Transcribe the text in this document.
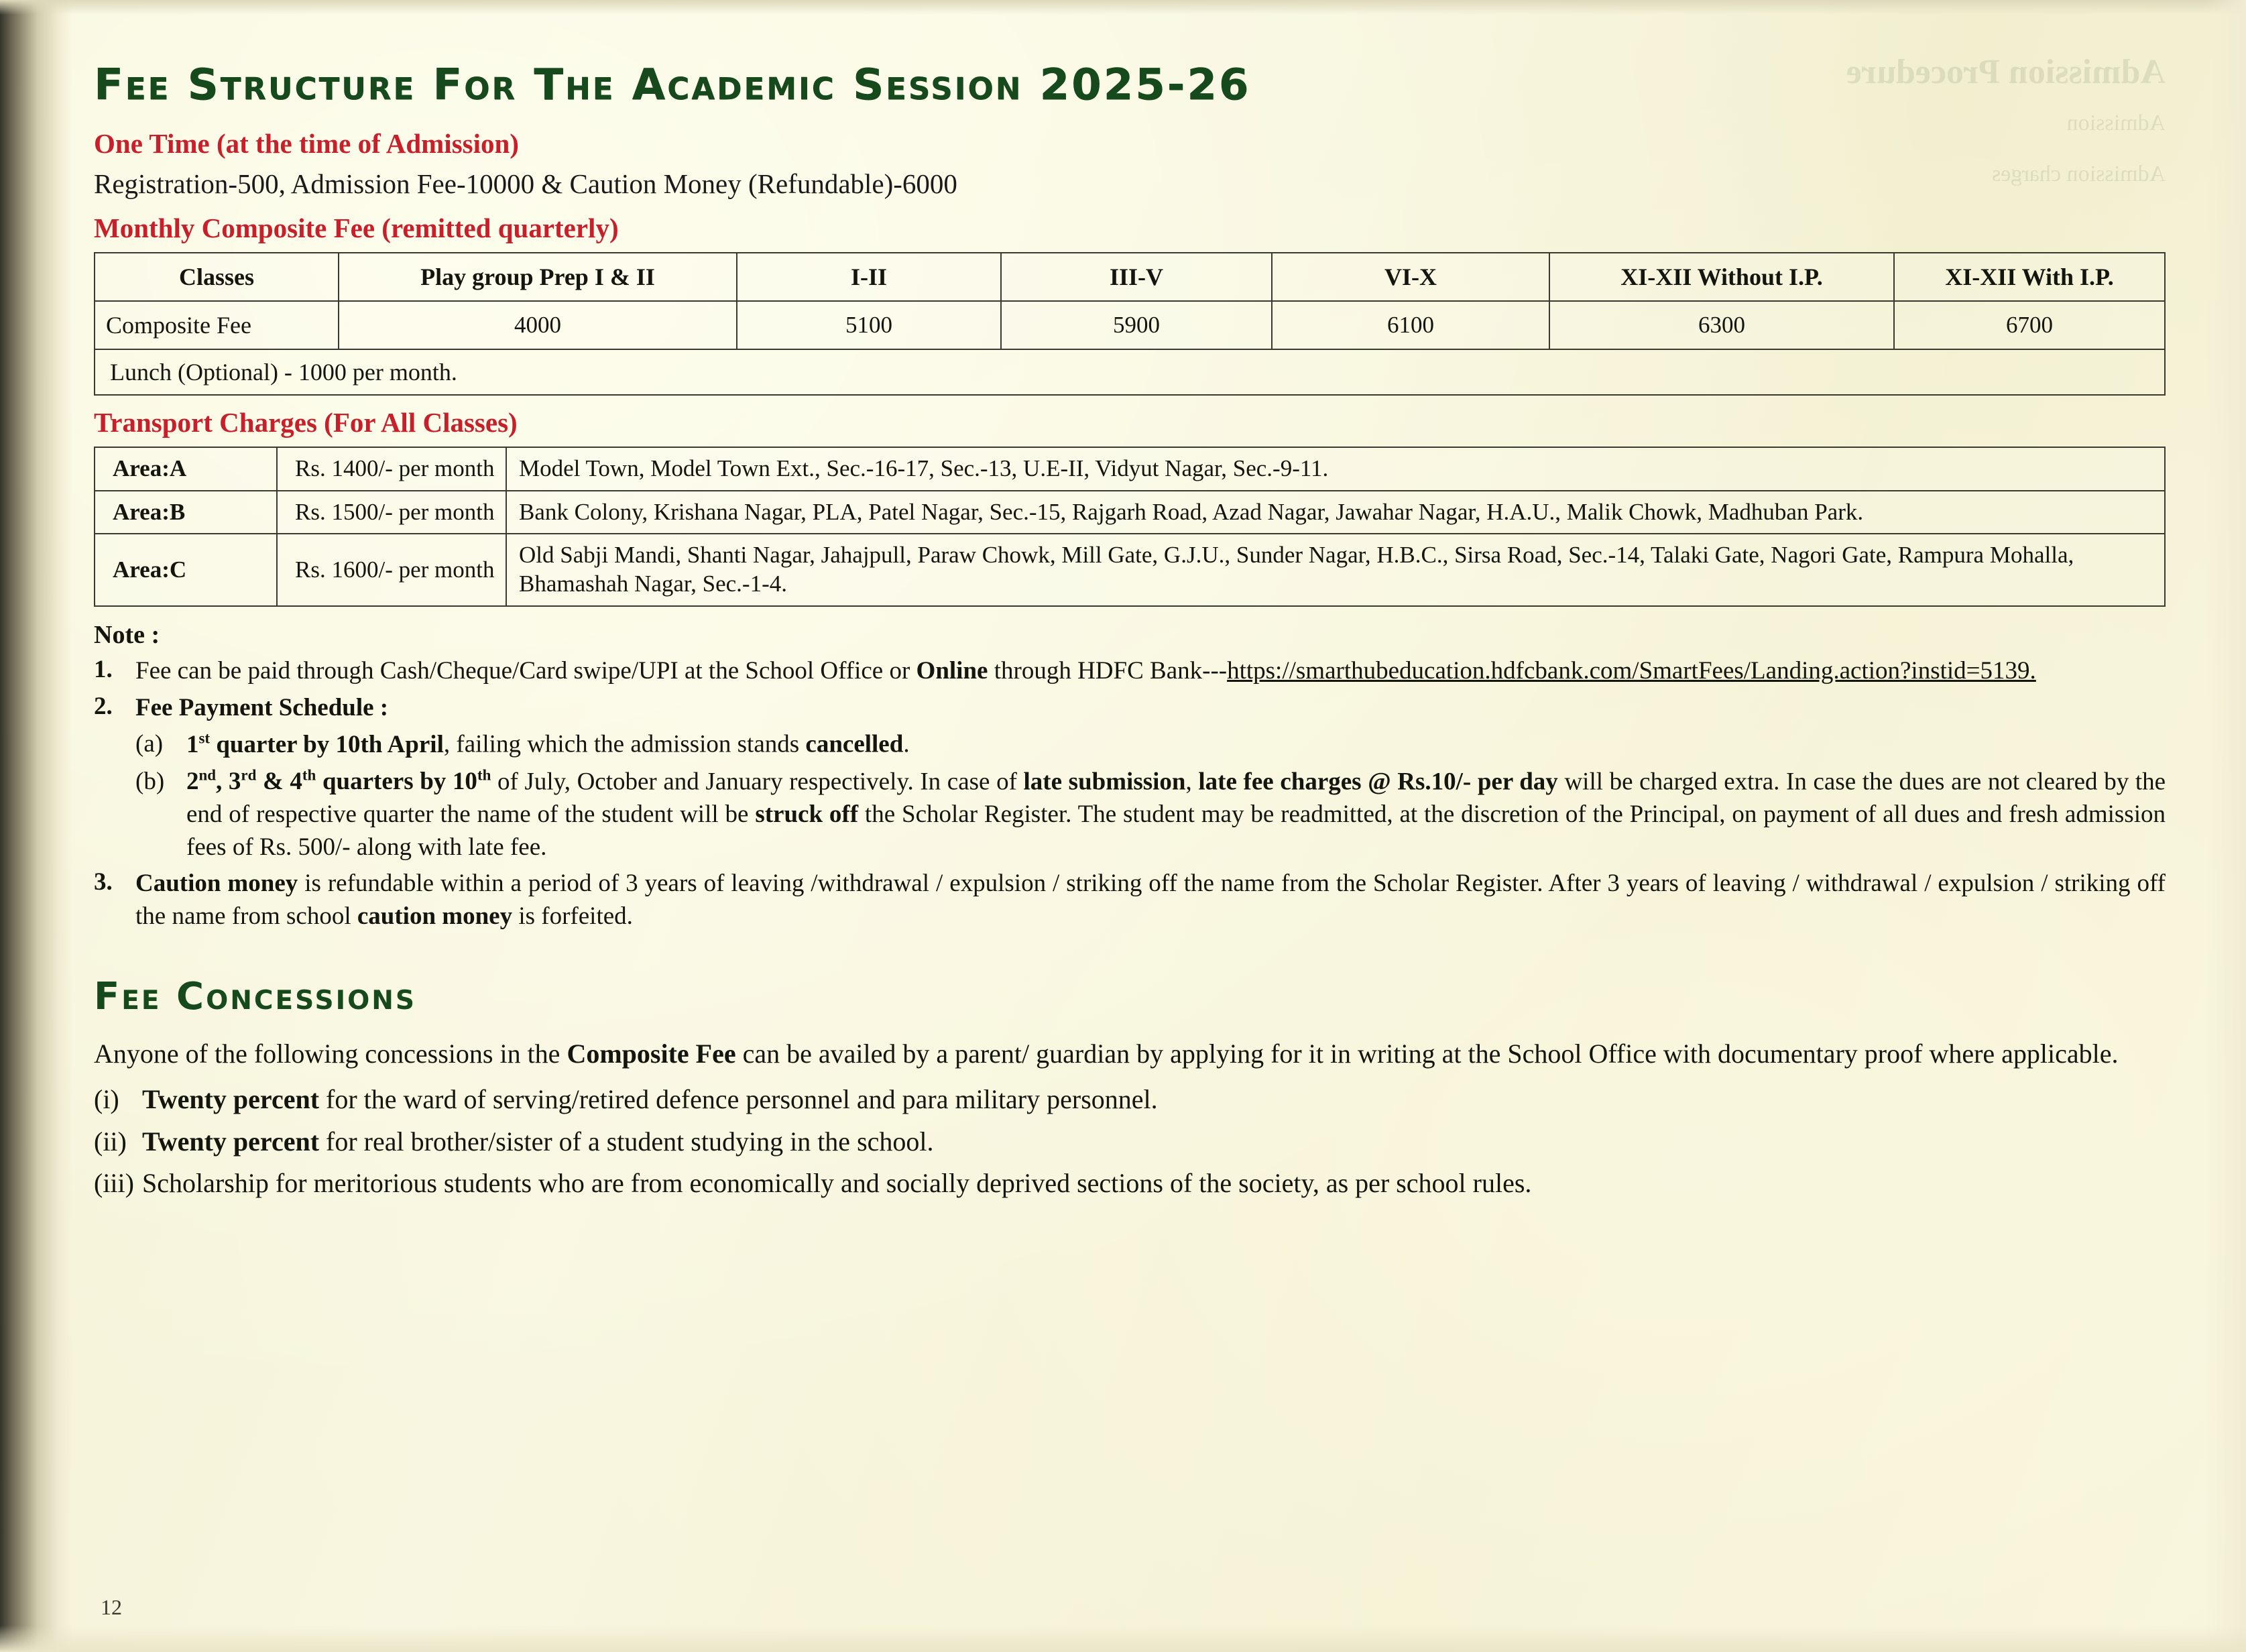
Admission Procedure
Admission
Admission charges
Fee Structure For The Academic Session 2025-26

One Time (at the time of Admission)

Registration-500, Admission Fee-10000 & Caution Money (Refundable)-6000

Monthly Composite Fee (remitted quarterly)

Classes	Play group Prep I & II	I-II	III-V	VI-X	XI-XII Without I.P.	XI-XII With I.P.
Composite Fee	4000	5100	5900	6100	6300	6700
Lunch (Optional) - 1000 per month.

Transport Charges (For All Classes)

Area:A	Rs. 1400/- per month	Model Town, Model Town Ext., Sec.-16-17, Sec.-13, U.E-II, Vidyut Nagar, Sec.-9-11.
Area:B	Rs. 1500/- per month	Bank Colony, Krishana Nagar, PLA, Patel Nagar, Sec.-15, Rajgarh Road, Azad Nagar, Jawahar Nagar, H.A.U., Malik Chowk, Madhuban Park.
Area:C	Rs. 1600/- per month	Old Sabji Mandi, Shanti Nagar, Jahajpull, Paraw Chowk, Mill Gate, G.J.U., Sunder Nagar, H.B.C., Sirsa Road, Sec.-14, Talaki Gate, Nagori Gate, Rampura Mohalla, Bhamashah Nagar, Sec.-1-4.

Note :

1. Fee can be paid through Cash/Cheque/Card swipe/UPI at the School Office or Online through HDFC Bank---https://smarthubeducation.hdfcbank.com/SmartFees/Landing.action?instid=5139.
2. Fee Payment Schedule :
(a) 1st quarter by 10th April, failing which the admission stands cancelled.
(b) 2nd, 3rd & 4th quarters by 10th of July, October and January respectively. In case of late submission, late fee charges @ Rs.10/- per day will be charged extra. In case the dues are not cleared by the end of respective quarter the name of the student will be struck off the Scholar Register. The student may be readmitted, at the discretion of the Principal, on payment of all dues and fresh admission fees of Rs. 500/- along with late fee.
3. Caution money is refundable within a period of 3 years of leaving /withdrawal / expulsion / striking off the name from the Scholar Register. After 3 years of leaving / withdrawal / expulsion / striking off the name from school caution money is forfeited.
Fee Concessions

Anyone of the following concessions in the Composite Fee can be availed by a parent/ guardian by applying for it in writing at the School Office with documentary proof where applicable.

(i) Twenty percent for the ward of serving/retired defence personnel and para military personnel.
(ii) Twenty percent for real brother/sister of a student studying in the school.
(iii) Scholarship for meritorious students who are from economically and socially deprived sections of the society, as per school rules.
12
